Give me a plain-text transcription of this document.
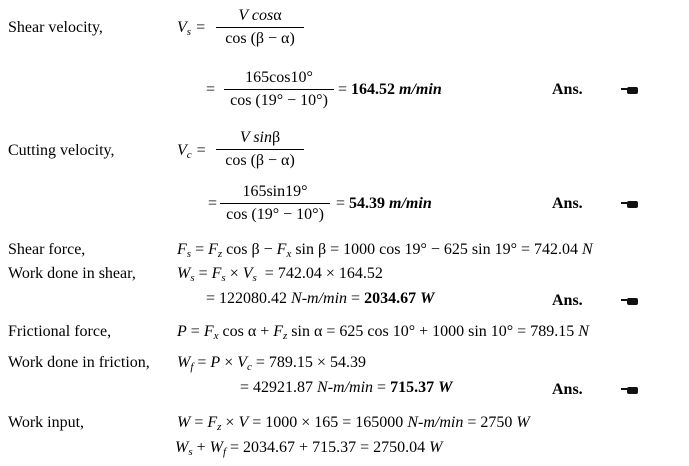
Shear velocity,	$V_s$ =
V cosα
cos (β − α)
=
165cos10°
cos (19° − 10°)
= 164.52 m/min	Ans.
Cutting velocity,	$V_c$ =
V sinβ
cos (β − α)
=
165sin19°
cos (19° − 10°)
= 54.39 m/min	Ans.
Shear force,	$F_s = F_z$ $\cos \beta - F_x$ sin β = 1000 cos 19° − 625 sin 19° = 742.04 N
Work done in shear,	$W_s = F_s \times V_s = 742.04 \times 164.52$
= 122080.42 N-m/min = 2034.67 W	Ans.
Frictional force,	$P = F_x$ $\cos \alpha + F_z$ sin α = 625 cos 10° + 1000 sin 10° = 789.15 N
Work done in friction, $W_f = P \times V_c = 789.15 \times 54.39$
= 42921.87 N-m/min = 715.37 W	Ans.
Work input,	$W = F_z \times V = 1000 \times 165 = 165000$ N-m/min = 2750 W
$W_s + W_f = 2034.67 + 715.37 = 2750.04$ W
